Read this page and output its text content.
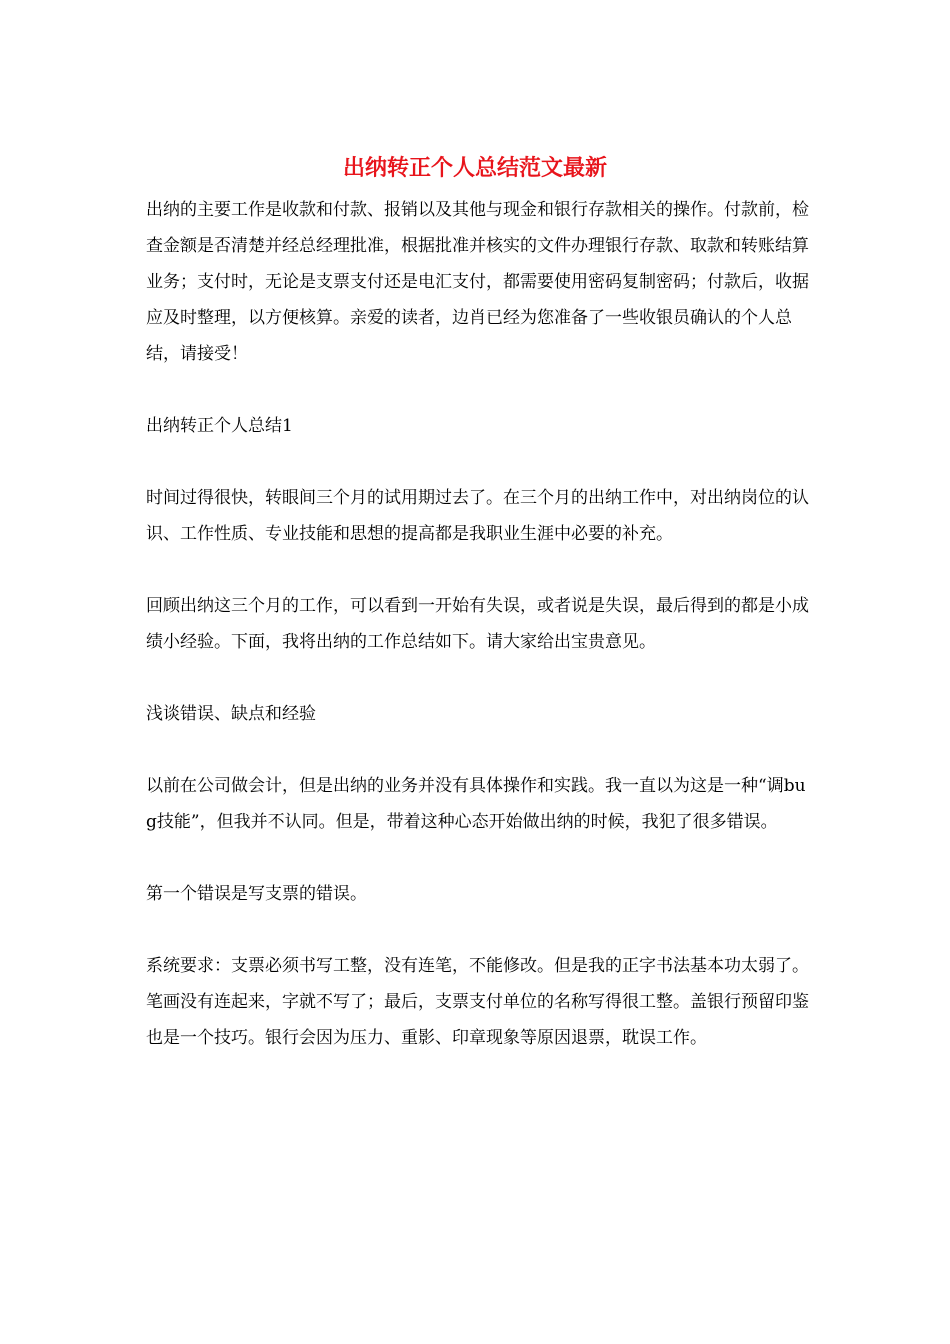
出纳转正个人总结范文最新

出纳的主要工作是收款和付款、报销以及其他与现金和银行存款相关的操作。付款前，检查金额是否清楚并经总经理批准，根据批准并核实的文件办理银行存款、取款和转账结算业务；支付时，无论是支票支付还是电汇支付，都需要使用密码复制密码；付款后，收据应及时整理，以方便核算。亲爱的读者，边肖已经为您准备了一些收银员确认的个人总结，请接受！

出纳转正个人总结1

时间过得很快，转眼间三个月的试用期过去了。在三个月的出纳工作中，对出纳岗位的认识、工作性质、专业技能和思想的提高都是我职业生涯中必要的补充。

回顾出纳这三个月的工作，可以看到一开始有失误，或者说是失误，最后得到的都是小成绩小经验。下面，我将出纳的工作总结如下。请大家给出宝贵意见。

浅谈错误、缺点和经验

以前在公司做会计，但是出纳的业务并没有具体操作和实践。我一直以为这是一种“调bug技能”，但我并不认同。但是，带着这种心态开始做出纳的时候，我犯了很多错误。

第一个错误是写支票的错误。

系统要求：支票必须书写工整，没有连笔，不能修改。但是我的正字书法基本功太弱了。笔画没有连起来，字就不写了；最后，支票支付单位的名称写得很工整。盖银行预留印鉴也是一个技巧。银行会因为压力、重影、印章现象等原因退票，耽误工作。
